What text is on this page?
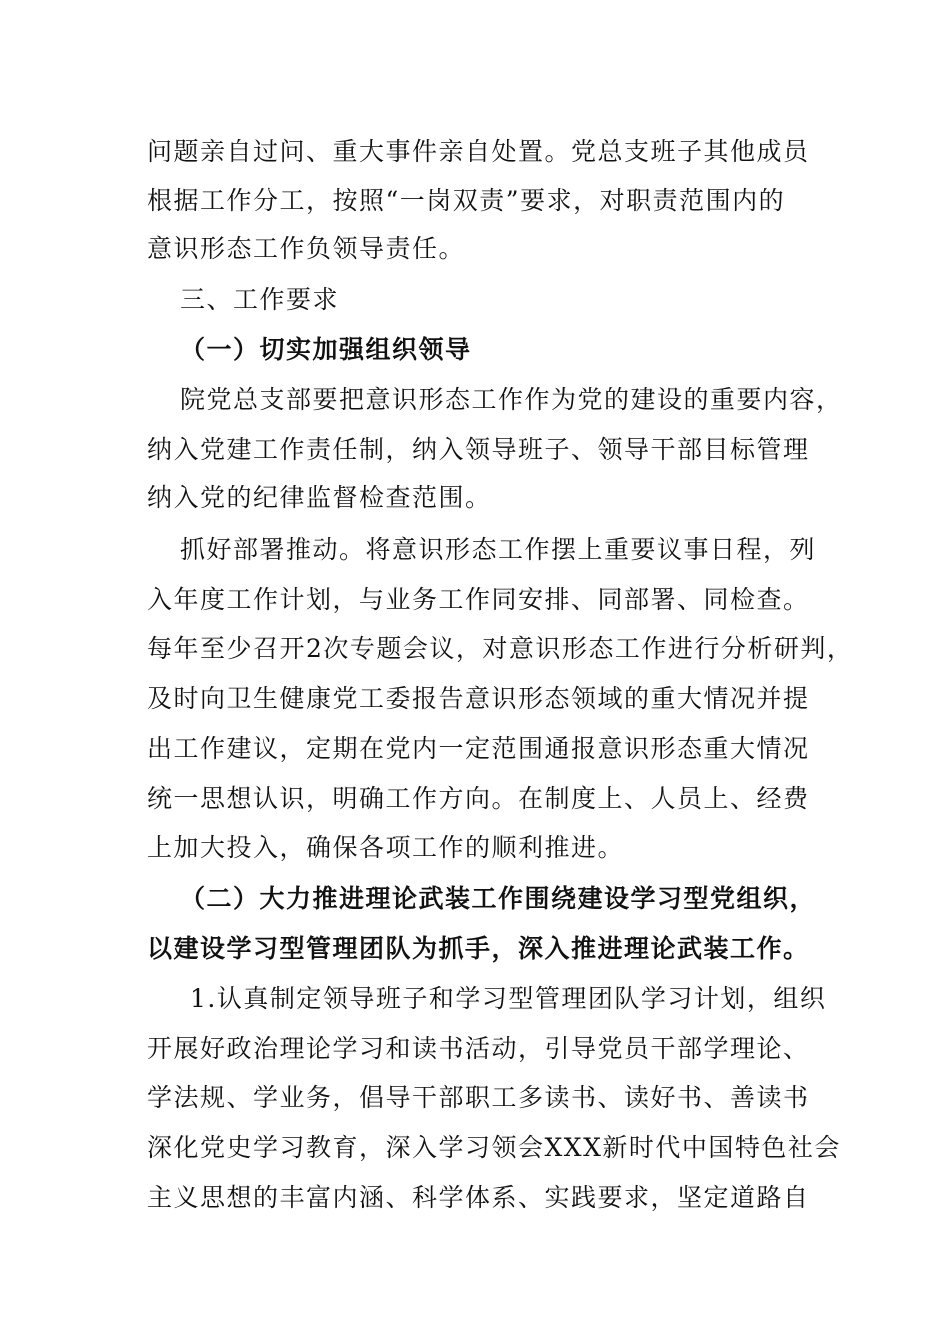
问题亲自过问、重大事件亲自处置。党总支班子其他成员
根据工作分工，按照“一岗双责”要求，对职责范围内的
意识形态工作负领导责任。
三、工作要求
（一）切实加强组织领导
院党总支部要把意识形态工作作为党的建设的重要内容，
纳入党建工作责任制，纳入领导班子、领导干部目标管理
纳入党的纪律监督检查范围。
抓好部署推动。将意识形态工作摆上重要议事日程，列
入年度工作计划，与业务工作同安排、同部署、同检查。
每年至少召开2次专题会议，对意识形态工作进行分析研判，
及时向卫生健康党工委报告意识形态领域的重大情况并提
出工作建议，定期在党内一定范围通报意识形态重大情况
统一思想认识，明确工作方向。在制度上、人员上、经费
上加大投入，确保各项工作的顺利推进。
（二）大力推进理论武装工作围绕建设学习型党组织，
以建设学习型管理团队为抓手，深入推进理论武装工作。
1.认真制定领导班子和学习型管理团队学习计划，组织
开展好政治理论学习和读书活动，引导党员干部学理论、
学法规、学业务，倡导干部职工多读书、读好书、善读书
深化党史学习教育，深入学习领会XXX新时代中国特色社会
主义思想的丰富内涵、科学体系、实践要求，坚定道路自
